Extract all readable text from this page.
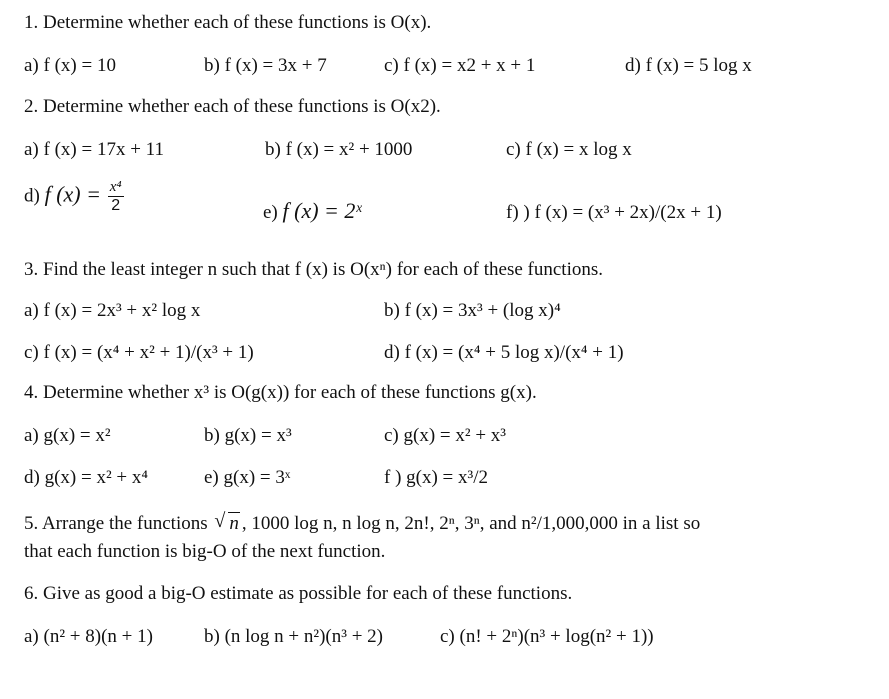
1. Determine whether each of these functions is O(x).
a) f (x) = 10	b) f (x) = 3x + 7	c) f (x) = x2 + x + 1	d) f (x) = 5 log x
2. Determine whether each of these functions is O(x2).
a) f (x) = 17x + 11	b) f (x) = x² + 1000	c) f (x) = x log x
d) f $(x) = \frac{\text{x⁴}}{2}$	e) f (x) = 2ˣ	f) ) f (x) = (x³ + 2x)/(2x + 1)
3. Find the least integer n such that f (x) is O(xⁿ) for each of these functions.
a) f (x) = 2x³ + x² log x	b) f (x) = 3x³ + (log x)⁴
c) f (x) = (x⁴ + x² + 1)/(x³ + 1)	d) f (x) = (x⁴ + 5 log x)/(x⁴ + 1)
4. Determine whether x³ is O(g(x)) for each of these functions g(x).
a) g(x) = x²	b) g(x) = x³	c) g(x) = x² + x³
d) g(x) = x² + x⁴	e) g(x) = 3ˣ	f ) g(x) = x³/2
5. Arrange the functions √ n , 1000 log n, n log n, 2n!, 2ⁿ, 3ⁿ, and n²/1,000,000 in a list so
that each function is big-O of the next function.
6. Give as good a big-O estimate as possible for each of these functions.
a) (n² + 8)(n + 1)	b) (n log n + n²)(n³ + 2)	c) (n! + 2ⁿ)(n³ + log(n² + 1))
